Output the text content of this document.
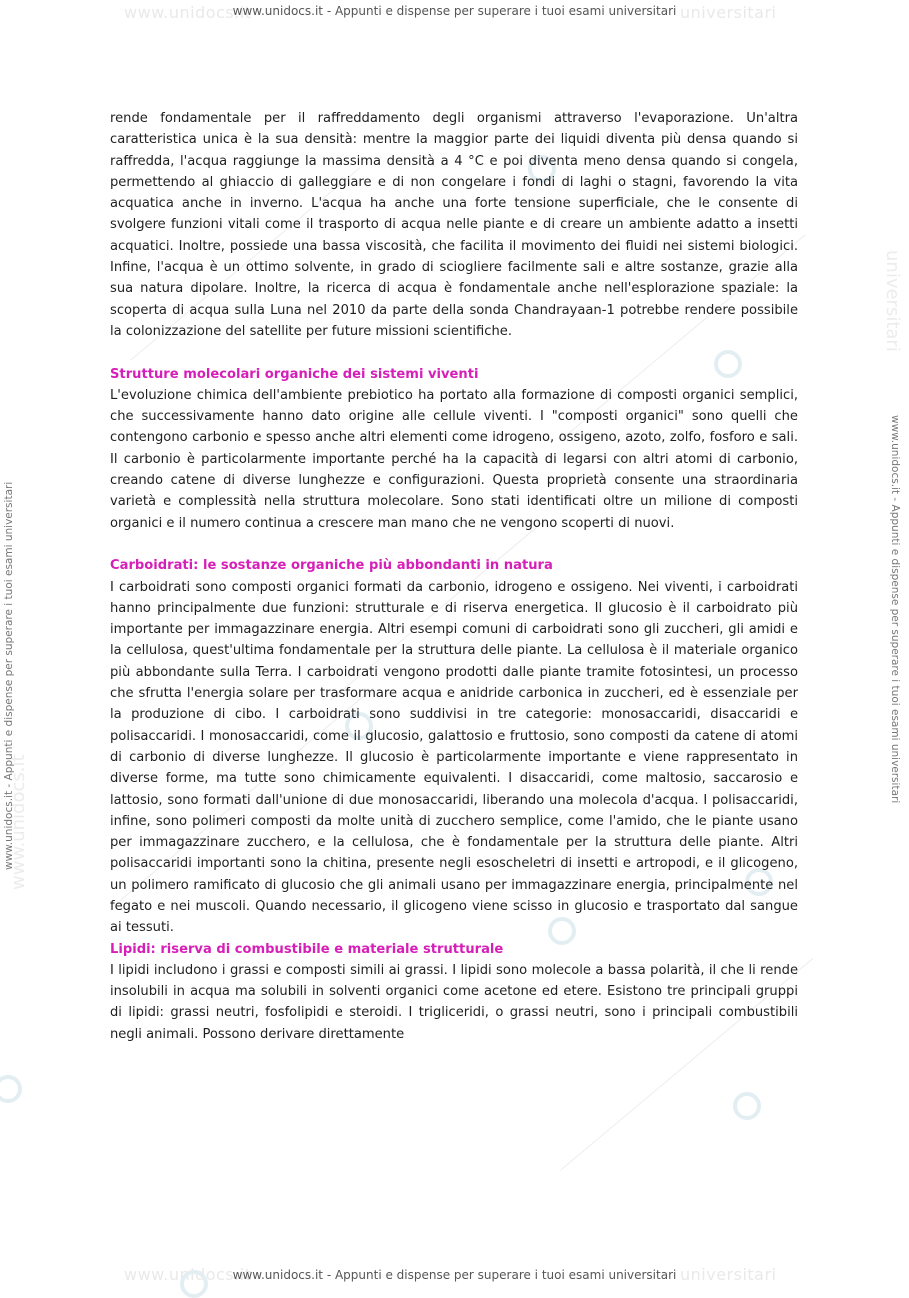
www.unidocs.it	universitari
www.unidocs.it	universitari
www.unidocs.it
universitari
www.unidocs.it - Appunti e dispense per superare i tuoi esami universitari
www.unidocs.it - Appunti e dispense per superare i tuoi esami universitari
www.unidocs.it - Appunti e dispense per superare i tuoi esami universitari	www.unidocs.it - Appunti e dispense per superare i tuoi esami universitari

rende fondamentale per il raffreddamento degli organismi attraverso l'evaporazione. Un'altra caratteristica unica è la sua densità: mentre la maggior parte dei liquidi diventa più densa quando si raffredda, l'acqua raggiunge la massima densità a 4 °C e poi diventa meno densa quando si congela, permettendo al ghiaccio di galleggiare e di non congelare i fondi di laghi o stagni, favorendo la vita acquatica anche in inverno. L'acqua ha anche una forte tensione superficiale, che le consente di svolgere funzioni vitali come il trasporto di acqua nelle piante e di creare un ambiente adatto a insetti acquatici. Inoltre, possiede una bassa viscosità, che facilita il movimento dei fluidi nei sistemi biologici. Infine, l'acqua è un ottimo solvente, in grado di sciogliere facilmente sali e altre sostanze, grazie alla sua natura dipolare. Inoltre, la ricerca di acqua è fondamentale anche nell'esplorazione spaziale: la scoperta di acqua sulla Luna nel 2010 da parte della sonda Chandrayaan-1 potrebbe rendere possibile la colonizzazione del satellite per future missioni scientifiche.

Strutture molecolari organiche dei sistemi viventi

L'evoluzione chimica dell'ambiente prebiotico ha portato alla formazione di composti organici semplici, che successivamente hanno dato origine alle cellule viventi. I "composti organici" sono quelli che contengono carbonio e spesso anche altri elementi come idrogeno, ossigeno, azoto, zolfo, fosforo e sali. Il carbonio è particolarmente importante perché ha la capacità di legarsi con altri atomi di carbonio, creando catene di diverse lunghezze e configurazioni. Questa proprietà consente una straordinaria varietà e complessità nella struttura molecolare. Sono stati identificati oltre un milione di composti organici e il numero continua a crescere man mano che ne vengono scoperti di nuovi.

Carboidrati: le sostanze organiche più abbondanti in natura

I carboidrati sono composti organici formati da carbonio, idrogeno e ossigeno. Nei viventi, i carboidrati hanno principalmente due funzioni: strutturale e di riserva energetica. Il glucosio è il carboidrato più importante per immagazzinare energia. Altri esempi comuni di carboidrati sono gli zuccheri, gli amidi e la cellulosa, quest'ultima fondamentale per la struttura delle piante. La cellulosa è il materiale organico più abbondante sulla Terra. I carboidrati vengono prodotti dalle piante tramite fotosintesi, un processo che sfrutta l'energia solare per trasformare acqua e anidride carbonica in zuccheri, ed è essenziale per la produzione di cibo. I carboidrati sono suddivisi in tre categorie: monosaccaridi, disaccaridi e polisaccaridi. I monosaccaridi, come il glucosio, galattosio e fruttosio, sono composti da catene di atomi di carbonio di diverse lunghezze. Il glucosio è particolarmente importante e viene rappresentato in diverse forme, ma tutte sono chimicamente equivalenti. I disaccaridi, come maltosio, saccarosio e lattosio, sono formati dall'unione di due monosaccaridi, liberando una molecola d'acqua. I polisaccaridi, infine, sono polimeri composti da molte unità di zucchero semplice, come l'amido, che le piante usano per immagazzinare zucchero, e la cellulosa, che è fondamentale per la struttura delle piante. Altri polisaccaridi importanti sono la chitina, presente negli esoscheletri di insetti e artropodi, e il glicogeno, un polimero ramificato di glucosio che gli animali usano per immagazzinare energia, principalmente nel fegato e nei muscoli. Quando necessario, il glicogeno viene scisso in glucosio e trasportato dal sangue ai tessuti.

Lipidi: riserva di combustibile e materiale strutturale

I lipidi includono i grassi e composti simili ai grassi. I lipidi sono molecole a bassa polarità, il che li rende insolubili in acqua ma solubili in solventi organici come acetone ed etere. Esistono tre principali gruppi di lipidi: grassi neutri, fosfolipidi e steroidi. I trigliceridi, o grassi neutri, sono i principali combustibili negli animali. Possono derivare direttamente
